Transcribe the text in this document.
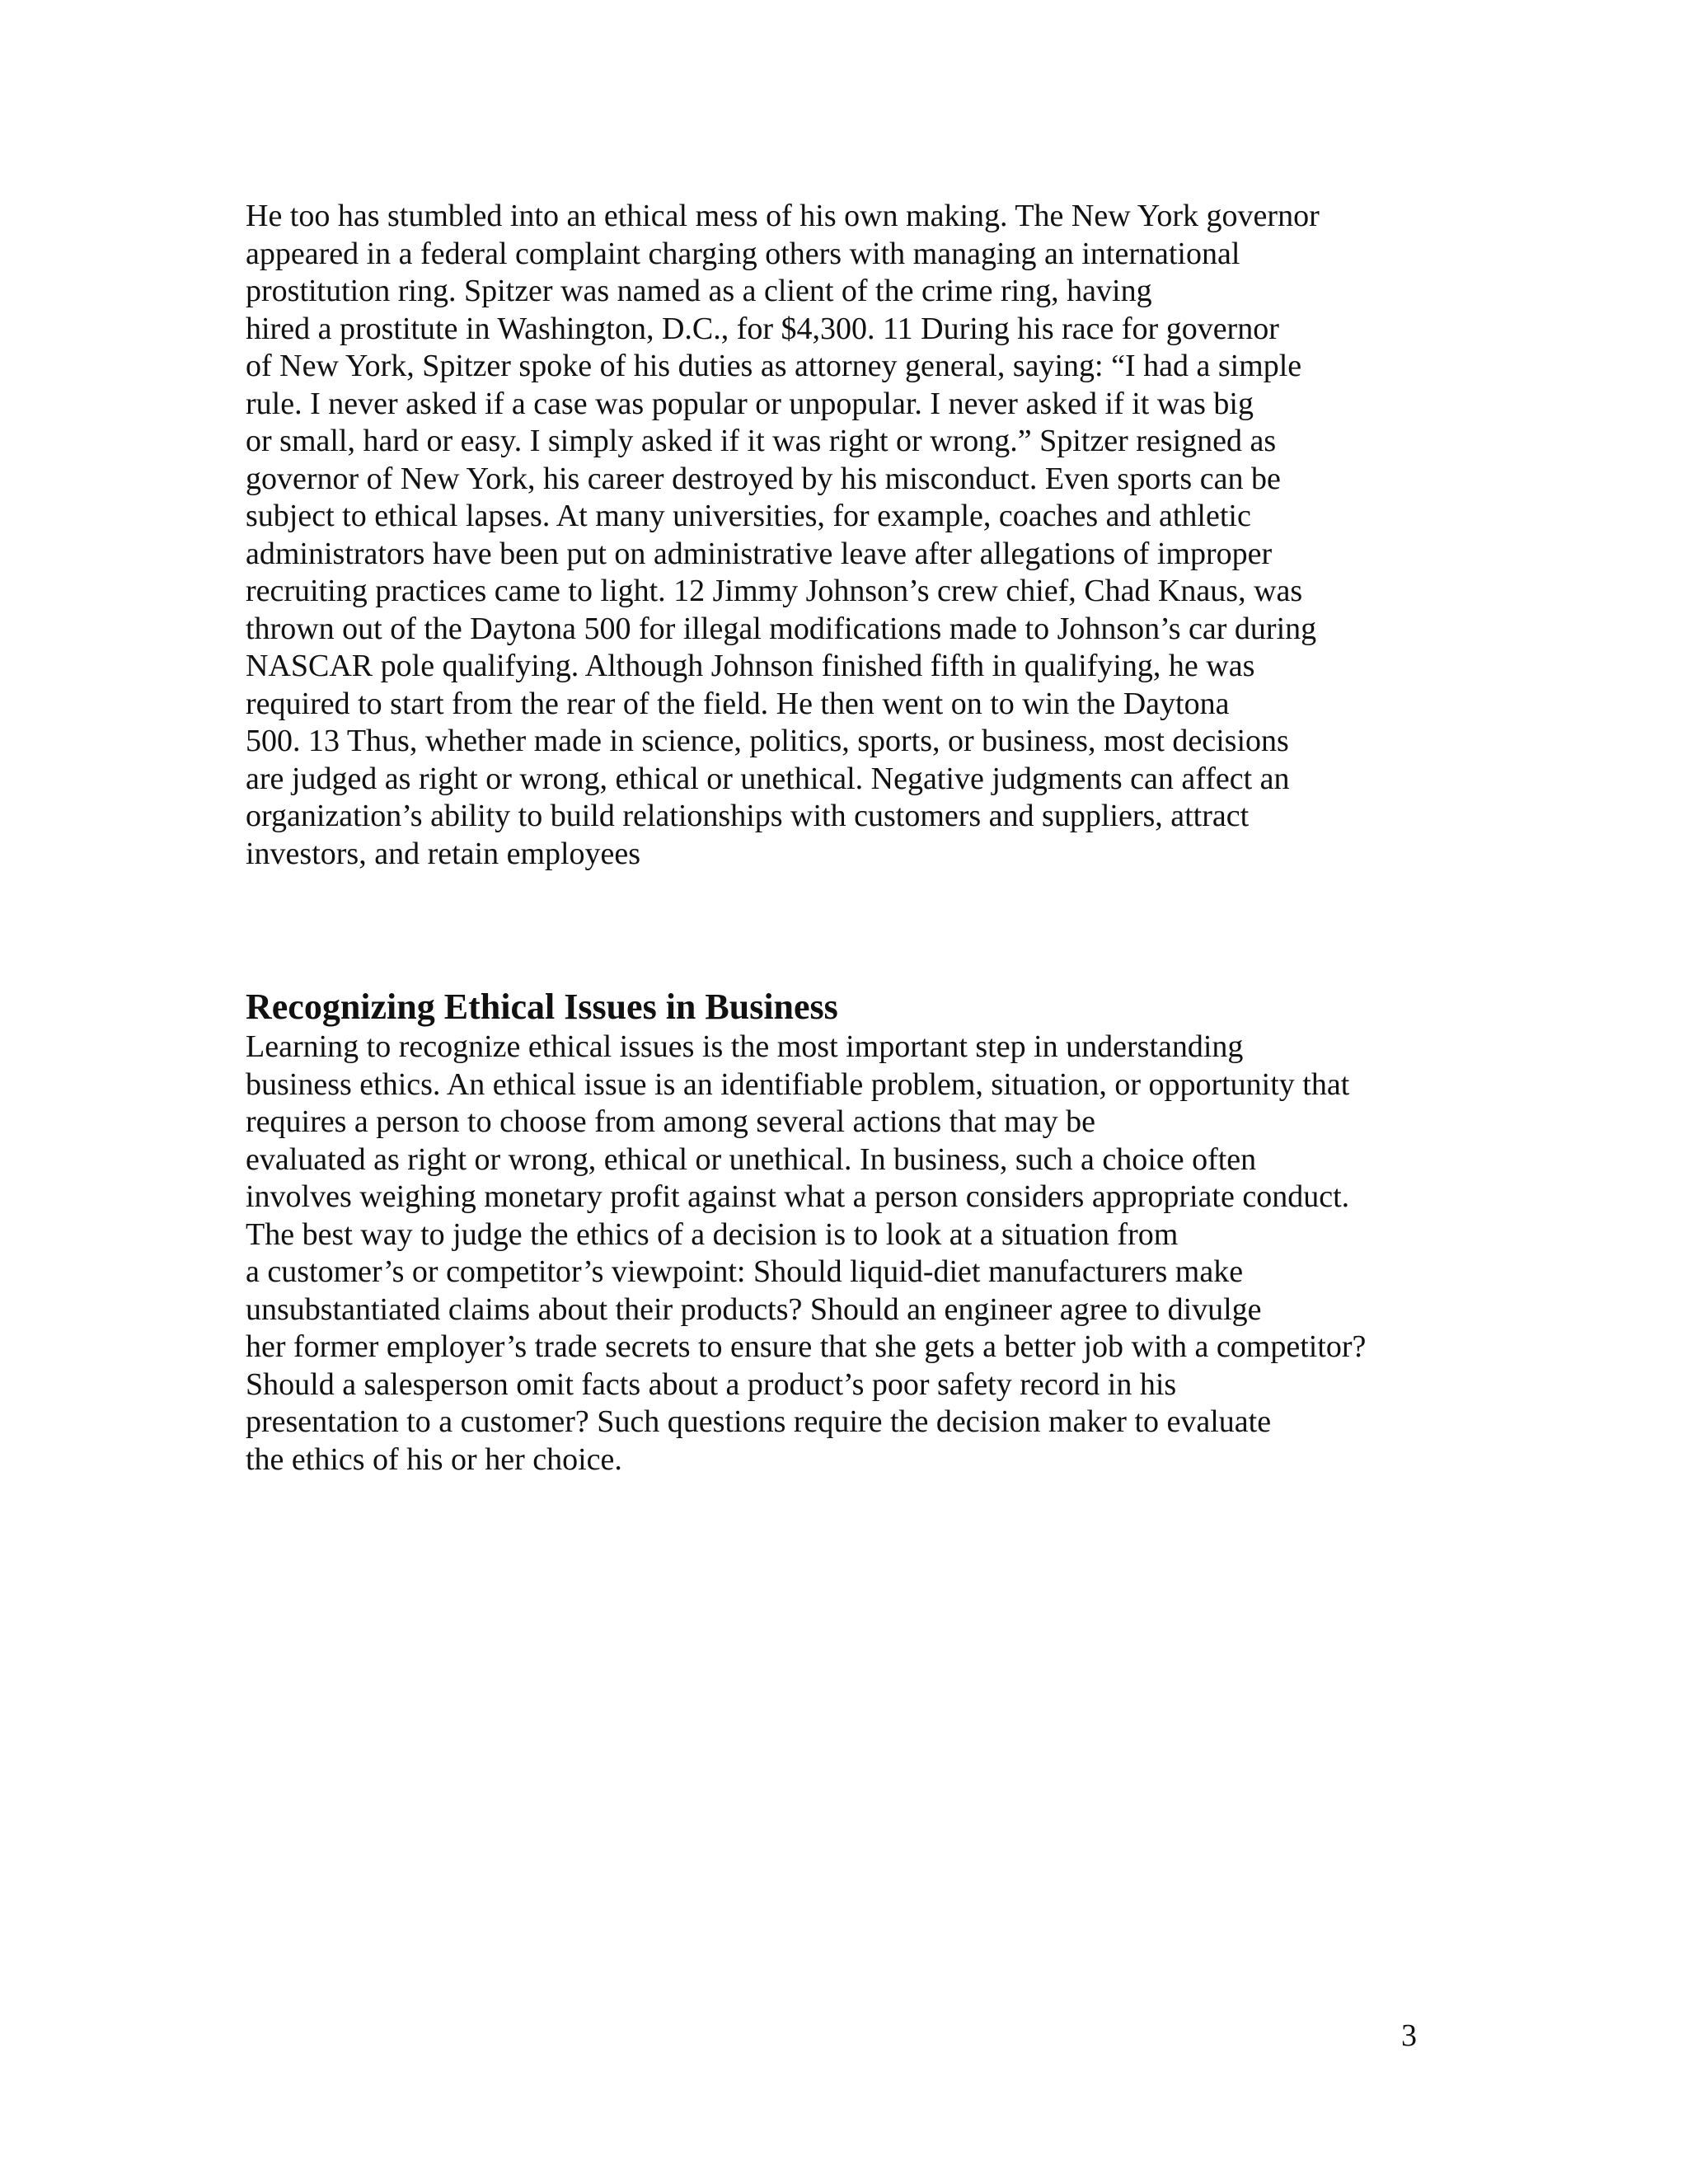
He too has stumbled into an ethical mess of his own making. The New York governor
appeared in a federal complaint charging others with managing an international
prostitution ring. Spitzer was named as a client of the crime ring, having
hired a prostitute in Washington, D.C., for $4,300. 11 During his race for governor
of New York, Spitzer spoke of his duties as attorney general, saying: “I had a simple
rule. I never asked if a case was popular or unpopular. I never asked if it was big
or small, hard or easy. I simply asked if it was right or wrong.” Spitzer resigned as
governor of New York, his career destroyed by his misconduct. Even sports can be
subject to ethical lapses. At many universities, for example, coaches and athletic
administrators have been put on administrative leave after allegations of improper
recruiting practices came to light. 12 Jimmy Johnson’s crew chief, Chad Knaus, was
thrown out of the Daytona 500 for illegal modifications made to Johnson’s car during
NASCAR pole qualifying. Although Johnson finished fifth in qualifying, he was
required to start from the rear of the field. He then went on to win the Daytona
500. 13 Thus, whether made in science, politics, sports, or business, most decisions
are judged as right or wrong, ethical or unethical. Negative judgments can affect an
organization’s ability to build relationships with customers and suppliers, attract
investors, and retain employees
Recognizing Ethical Issues in Business
Learning to recognize ethical issues is the most important step in understanding
business ethics. An ethical issue is an identifiable problem, situation, or opportunity that
requires a person to choose from among several actions that may be
evaluated as right or wrong, ethical or unethical. In business, such a choice often
involves weighing monetary profit against what a person considers appropriate conduct.
The best way to judge the ethics of a decision is to look at a situation from
a customer’s or competitor’s viewpoint: Should liquid-diet manufacturers make
unsubstantiated claims about their products? Should an engineer agree to divulge
her former employer’s trade secrets to ensure that she gets a better job with a competitor?
Should a salesperson omit facts about a product’s poor safety record in his
presentation to a customer? Such questions require the decision maker to evaluate
the ethics of his or her choice.
3
